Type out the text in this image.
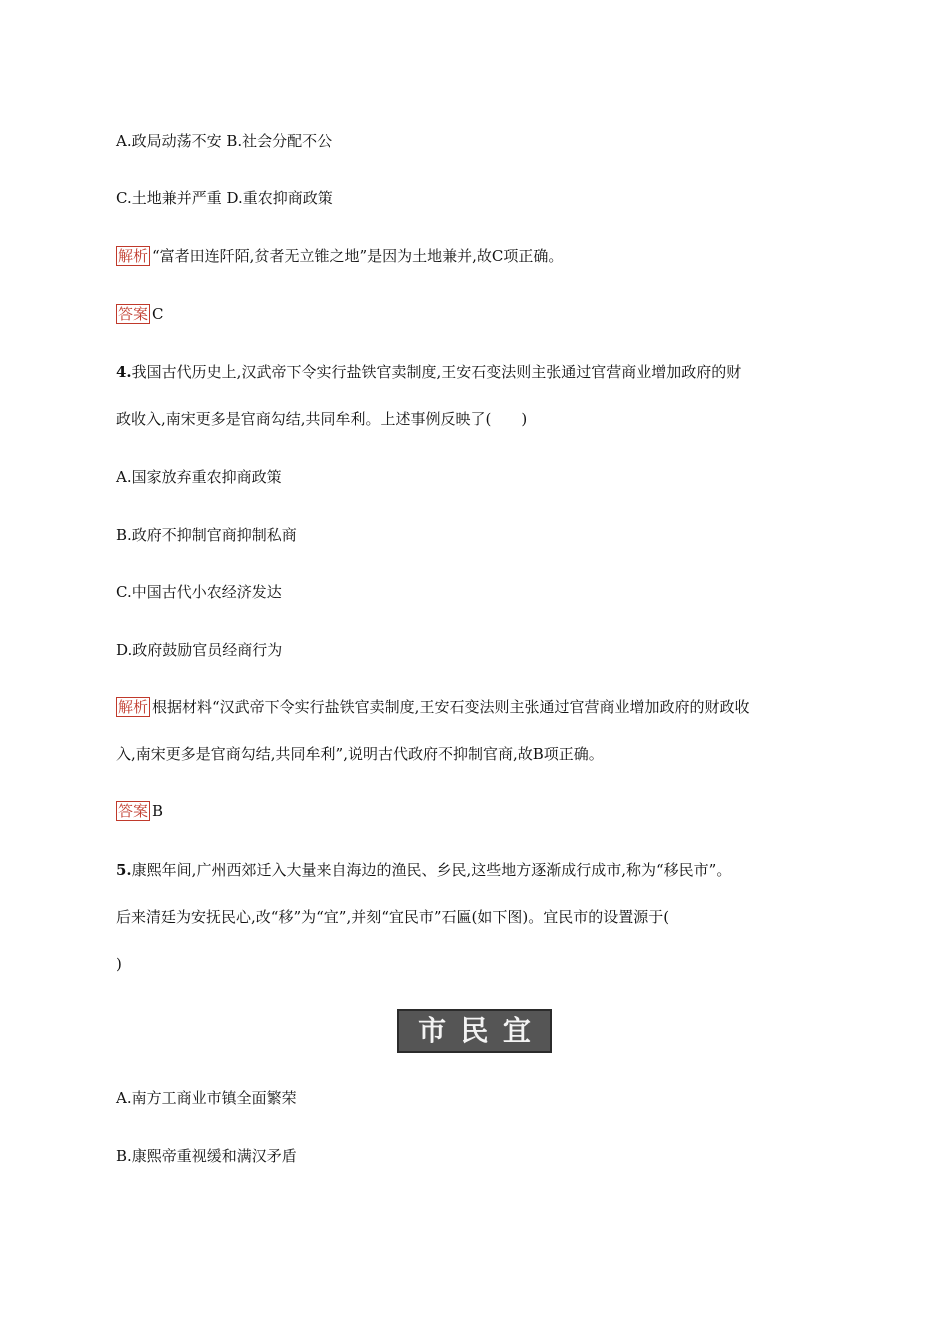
A.政局动荡不安 B.社会分配不公
C.土地兼并严重 D.重农抑商政策
解析 “富者田连阡陌,贫者无立锥之地”是因为土地兼并,故C项正确。
答案 C
4.我国古代历史上,汉武帝下令实行盐铁官卖制度,王安石变法则主张通过官营商业增加政府的财
政收入,南宋更多是官商勾结,共同牟利。上述事例反映了(　　)
A.国家放弃重农抑商政策
B.政府不抑制官商抑制私商
C.中国古代小农经济发达
D.政府鼓励官员经商行为
解析 根据材料“汉武帝下令实行盐铁官卖制度,王安石变法则主张通过官营商业增加政府的财政收
入,南宋更多是官商勾结,共同牟利”,说明古代政府不抑制官商,故B项正确。
答案 B
5.康熙年间,广州西郊迁入大量来自海边的渔民、乡民,这些地方逐渐成行成市,称为“移民市”。
后来清廷为安抚民心,改“移”为“宜”,并刻“宜民市”石匾(如下图)。宜民市的设置源于(
)
市 民 宜
A.南方工商业市镇全面繁荣
B.康熙帝重视缓和满汉矛盾
